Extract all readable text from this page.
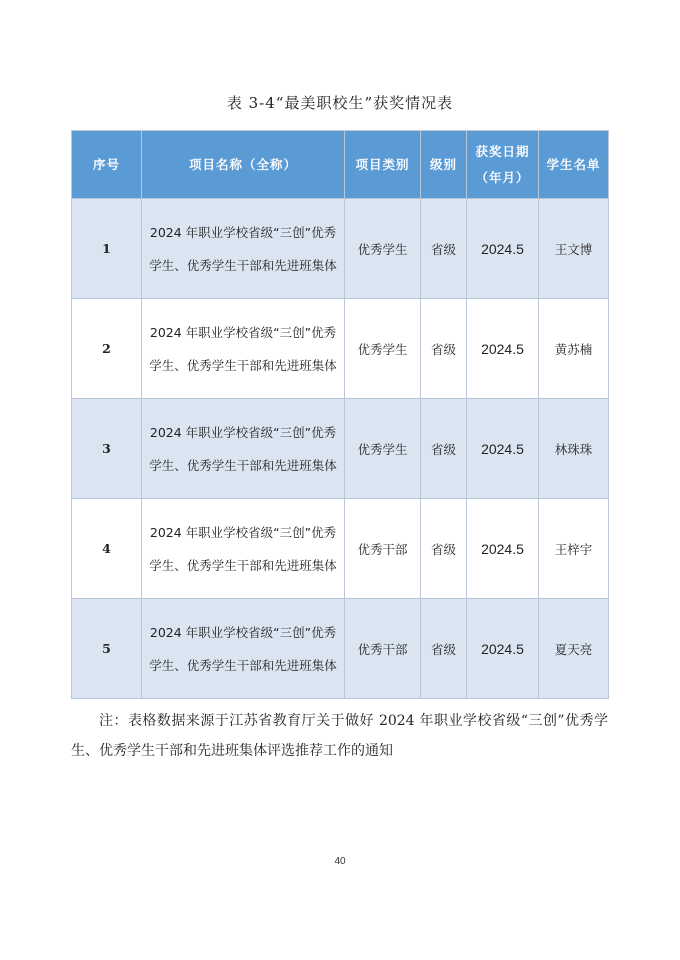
表 3-4“最美职校生”获奖情况表
序号	项目名称（全称）	项目类别	级别	获奖日期（年月）	学生名单
1	2024 年职业学校省级“三创”优秀学生、优秀学生干部和先进班集体	优秀学生	省级	2024.5	王文博
2	2024 年职业学校省级“三创”优秀学生、优秀学生干部和先进班集体	优秀学生	省级	2024.5	黄苏楠
3	2024 年职业学校省级“三创”优秀学生、优秀学生干部和先进班集体	优秀学生	省级	2024.5	林珠珠
4	2024 年职业学校省级“三创”优秀学生、优秀学生干部和先进班集体	优秀干部	省级	2024.5	王梓宇
5	2024 年职业学校省级“三创”优秀学生、优秀学生干部和先进班集体	优秀干部	省级	2024.5	夏天亮
注：表格数据来源于江苏省教育厅关于做好 2024 年职业学校省级“三创”优秀学生、优秀学生干部和先进班集体评选推荐工作的通知
40
